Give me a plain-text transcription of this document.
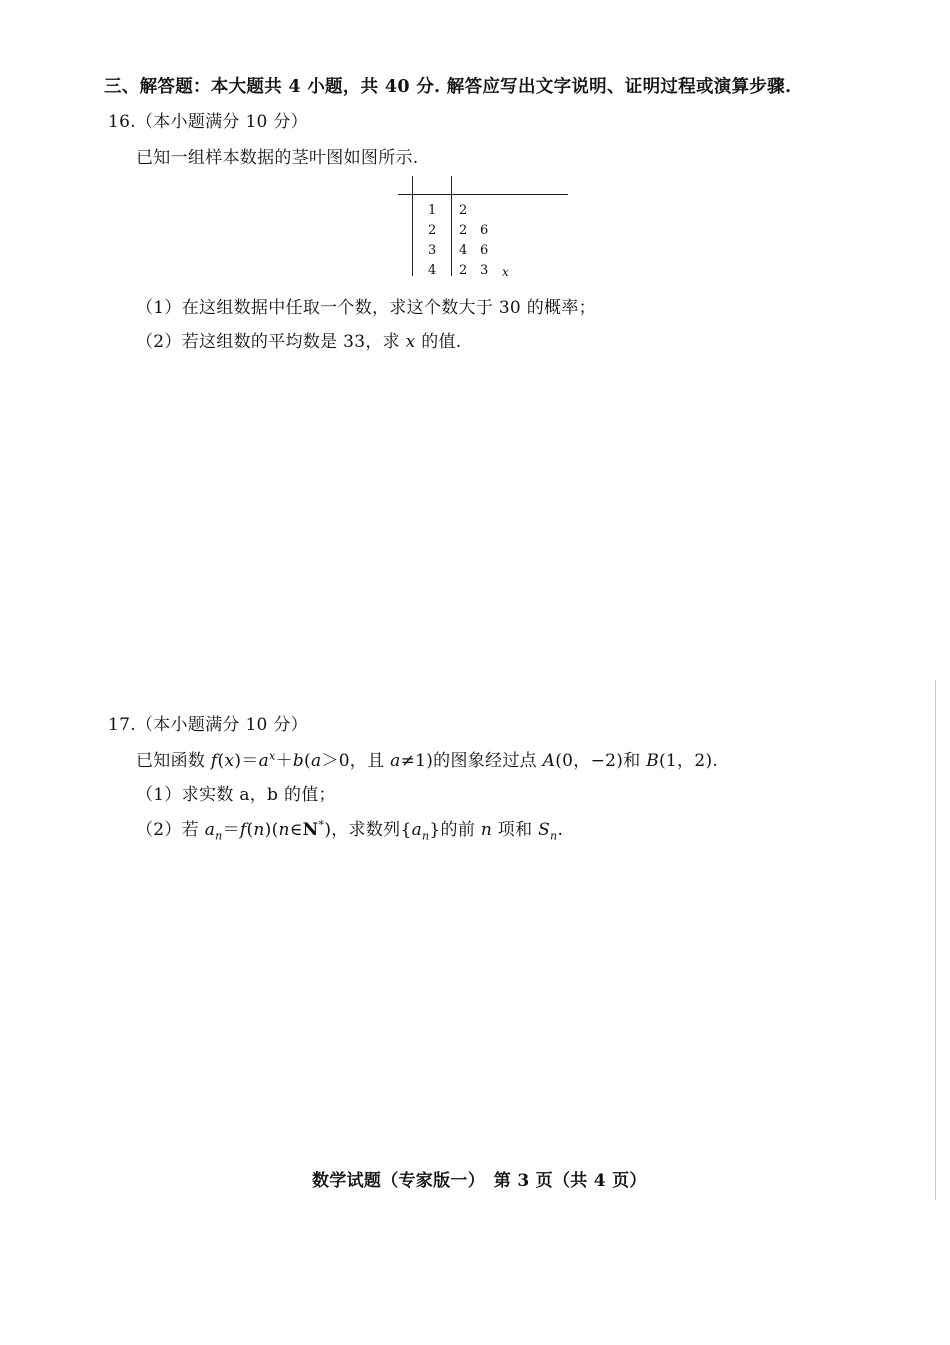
三、解答题：本大题共 4 小题，共 40 分. 解答应写出文字说明、证明过程或演算步骤.
16.（本小题满分 10 分）
已知一组样本数据的茎叶图如图所示.
1 2
2 2 6
3 4 6
4 2 3 x
（1）在这组数据中任取一个数，求这个数大于 30 的概率；
（2）若这组数的平均数是 33，求 x 的值.
17.（本小题满分 10 分）
已知函数 $f(x)=a^x+b(a>0$，且 a≠1)的图象经过点 A(0，−2)和 B(1，2).
（1）求实数 a，b 的值；
（2）若 $a_n=f(n)(n\in N^*)$，求数列$\{a_n\}$的前 n 项和 $S_n$.
数学试题（专家版一）　第 3 页（共 4 页）
